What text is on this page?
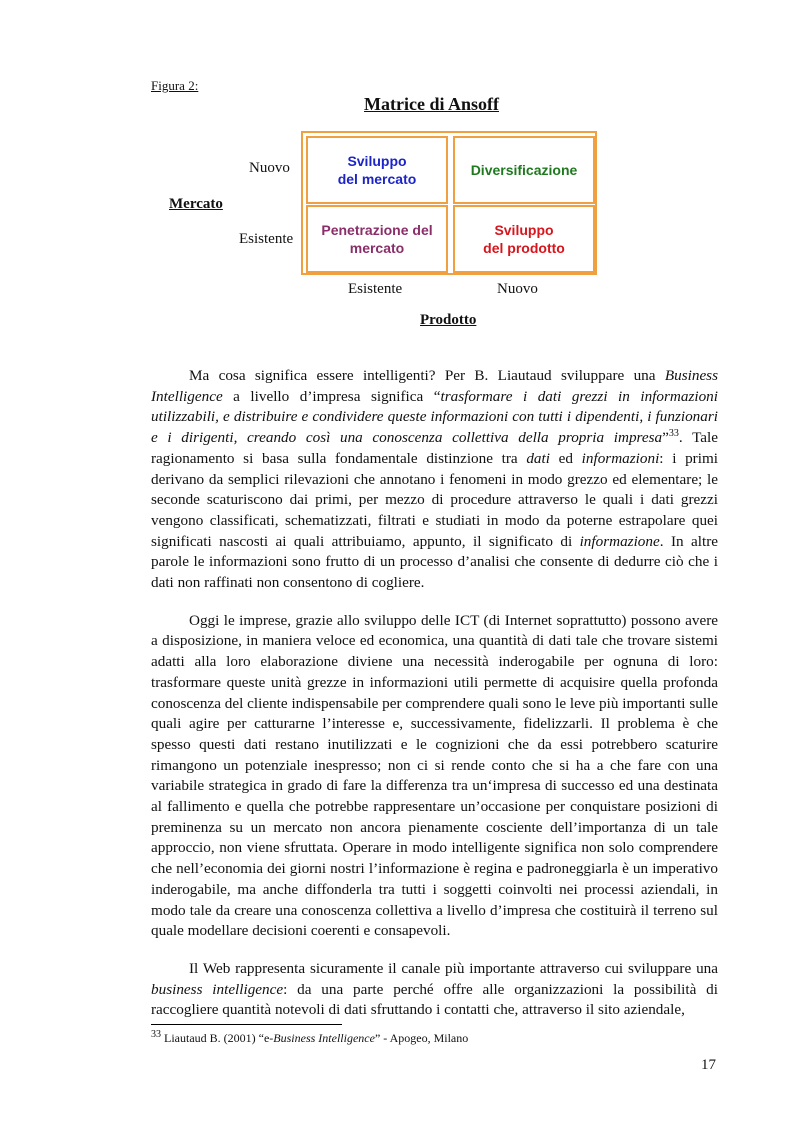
Figura 2:
Matrice di Ansoff
Nuovo
Mercato
Esistente
Sviluppo
del mercato
Diversificazione
Penetrazione del
mercato
Sviluppo
del prodotto
Esistente	Nuovo
Prodotto

Ma cosa significa essere intelligenti? Per B. Liautaud sviluppare una Business Intelligence a livello d’impresa significa “trasformare i dati grezzi in informazioni utilizzabili, e distribuire e condividere queste informazioni con tutti i dipendenti, i funzionari e i dirigenti, creando così una conoscenza collettiva della propria impresa”$^{33}$. Tale ragionamento si basa sulla fondamentale distinzione tra dati ed informazioni: i primi derivano da semplici rilevazioni che annotano i fenomeni in modo grezzo ed elementare; le seconde scaturiscono dai primi, per mezzo di procedure attraverso le quali i dati grezzi vengono classificati, schematizzati, filtrati e studiati in modo da poterne estrapolare quei significati nascosti ai quali attribuiamo, appunto, il significato di informazione. In altre parole le informazioni sono frutto di un processo d’analisi che consente di dedurre ciò che i dati non raffinati non consentono di cogliere.

Oggi le imprese, grazie allo sviluppo delle ICT (di Internet soprattutto) possono avere a disposizione, in maniera veloce ed economica, una quantità di dati tale che trovare sistemi adatti alla loro elaborazione diviene una necessità inderogabile per ognuna di loro: trasformare queste unità grezze in informazioni utili permette di acquisire quella profonda conoscenza del cliente indispensabile per comprendere quali sono le leve più importanti sulle quali agire per catturarne l’interesse e, successivamente, fidelizzarli. Il problema è che spesso questi dati restano inutilizzati e le cognizioni che da essi potrebbero scaturire rimangono un potenziale inespresso; non ci si rende conto che si ha a che fare con una variabile strategica in grado di fare la differenza tra un‘impresa di successo ed una destinata al fallimento e quella che potrebbe rappresentare un’occasione per conquistare posizioni di preminenza su un mercato non ancora pienamente cosciente dell’importanza di un tale approccio, non viene sfruttata. Operare in modo intelligente significa non solo comprendere che nell’economia dei giorni nostri l’informazione è regina e padroneggiarla è un imperativo inderogabile, ma anche diffonderla tra tutti i soggetti coinvolti nei processi aziendali, in modo tale da creare una conoscenza collettiva a livello d’impresa che costituirà il terreno sul quale modellare decisioni coerenti e consapevoli.

Il Web rappresenta sicuramente il canale più importante attraverso cui sviluppare una business intelligence: da una parte perché offre alle organizzazioni la possibilità di raccogliere quantità notevoli di dati sfruttando i contatti che, attraverso il sito aziendale,

$^{33}$ Liautaud B. (2001) “e-Business Intelligence” - Apogeo, Milano
17
